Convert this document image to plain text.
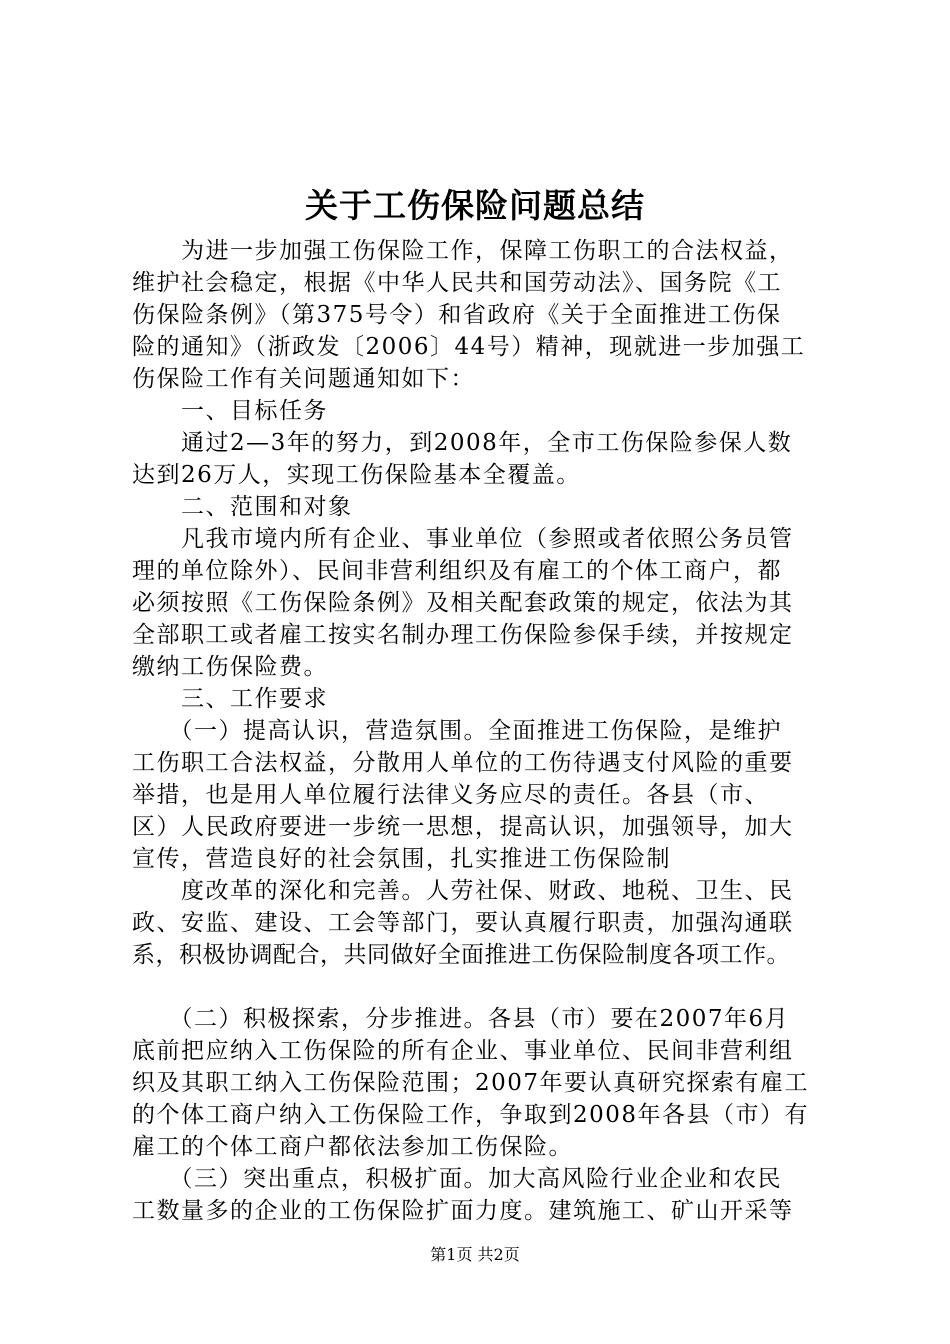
关于工伤保险问题总结
　　为进一步加强工伤保险工作，保障工伤职工的合法权益，
维护社会稳定，根据《中华人民共和国劳动法》、国务院《工
伤保险条例》（第375号令）和省政府《关于全面推进工伤保
险的通知》（浙政发〔2006〕44号）精神，现就进一步加强工
伤保险工作有关问题通知如下：
　　一、目标任务
　　通过2—3年的努力，到2008年，全市工伤保险参保人数
达到26万人，实现工伤保险基本全覆盖。
　　二、范围和对象
　　凡我市境内所有企业、事业单位（参照或者依照公务员管
理的单位除外）、民间非营利组织及有雇工的个体工商户，都
必须按照《工伤保险条例》及相关配套政策的规定，依法为其
全部职工或者雇工按实名制办理工伤保险参保手续，并按规定
缴纳工伤保险费。
　　三、工作要求
　　（一）提高认识，营造氛围。全面推进工伤保险，是维护
工伤职工合法权益，分散用人单位的工伤待遇支付风险的重要
举措，也是用人单位履行法律义务应尽的责任。各县（市、
区）人民政府要进一步统一思想，提高认识，加强领导，加大
宣传，营造良好的社会氛围，扎实推进工伤保险制
　　度改革的深化和完善。人劳社保、财政、地税、卫生、民
政、安监、建设、工会等部门，要认真履行职责，加强沟通联
系，积极协调配合，共同做好全面推进工伤保险制度各项工作。
　　（二）积极探索，分步推进。各县（市）要在2007年6月
底前把应纳入工伤保险的所有企业、事业单位、民间非营利组
织及其职工纳入工伤保险范围；2007年要认真研究探索有雇工
的个体工商户纳入工伤保险工作，争取到2008年各县（市）有
雇工的个体工商户都依法参加工伤保险。
　　（三）突出重点，积极扩面。加大高风险行业企业和农民
工数量多的企业的工伤保险扩面力度。建筑施工、矿山开采等
第1页 共2页
